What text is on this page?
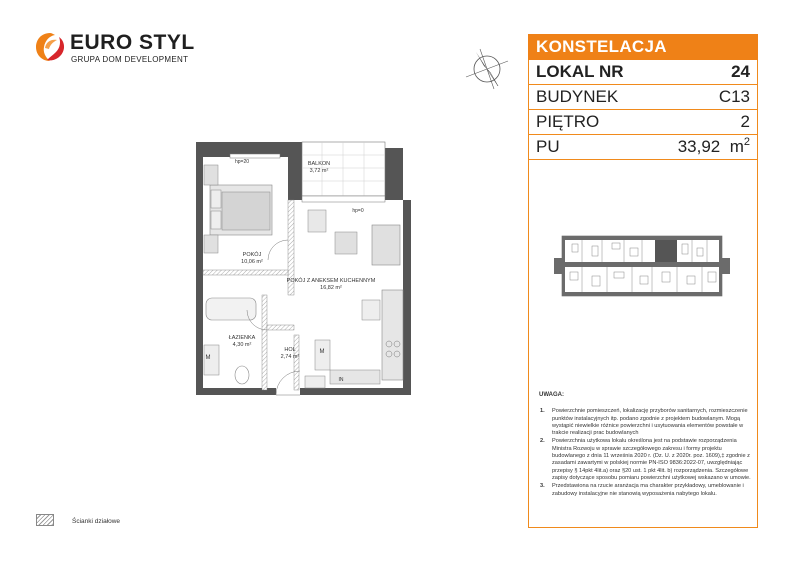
EURO STYL
GRUPA DOM DEVELOPMENT
BALKON
3,72 m²
POKÓJ
10,06 m²
POKÓJ Z ANEKSEM KUCHENNYM
16,82 m²
ŁAZIENKA
4,30 m²
HOL
2,74 m²
hp=20
hp=0
M
M
IN
KONSTELACJA
LOKAL NR	24
BUDYNEK	C13
PIĘTRO	2
PU	33,92 $m^2$
UWAGA:
1. Powierzchnie pomieszczeń, lokalizację przyborów sanitarnych, rozmieszczenie punktów instalacyjnych itp. podano zgodnie z projektem budowlanym. Mogą wystąpić niewielkie różnice powierzchni i usytuowania elementów powstałe w trakcie realizacji prac budowlanych
2. Powierzchnia użytkowa lokalu określona jest na podstawie rozporządzenia Ministra Rozwoju w sprawie szczegółowego zakresu i formy projektu budowlanego z dnia 11 września 2020 r. (Dz. U. z 2020r. poz. 1609),‡ zgodnie z zasadami zawartymi w polskiej normie PN-ISO 9836:2022-07, uwzględniając przepisy § 14pkt 4lit.a) oraz §20 ust. 1 pkt 4lit. b) rozporządzenia. Szczegółowe zapisy dotyczące sposobu pomiaru powierzchni użytkowej wskazano w umowie.
3. Przedstawiona na rzucie aranżacja ma charakter przykładowy, umeblowanie i zabudowy instalacyjne nie stanowią wyposażenia nabytego lokalu.
Ścianki działowe
